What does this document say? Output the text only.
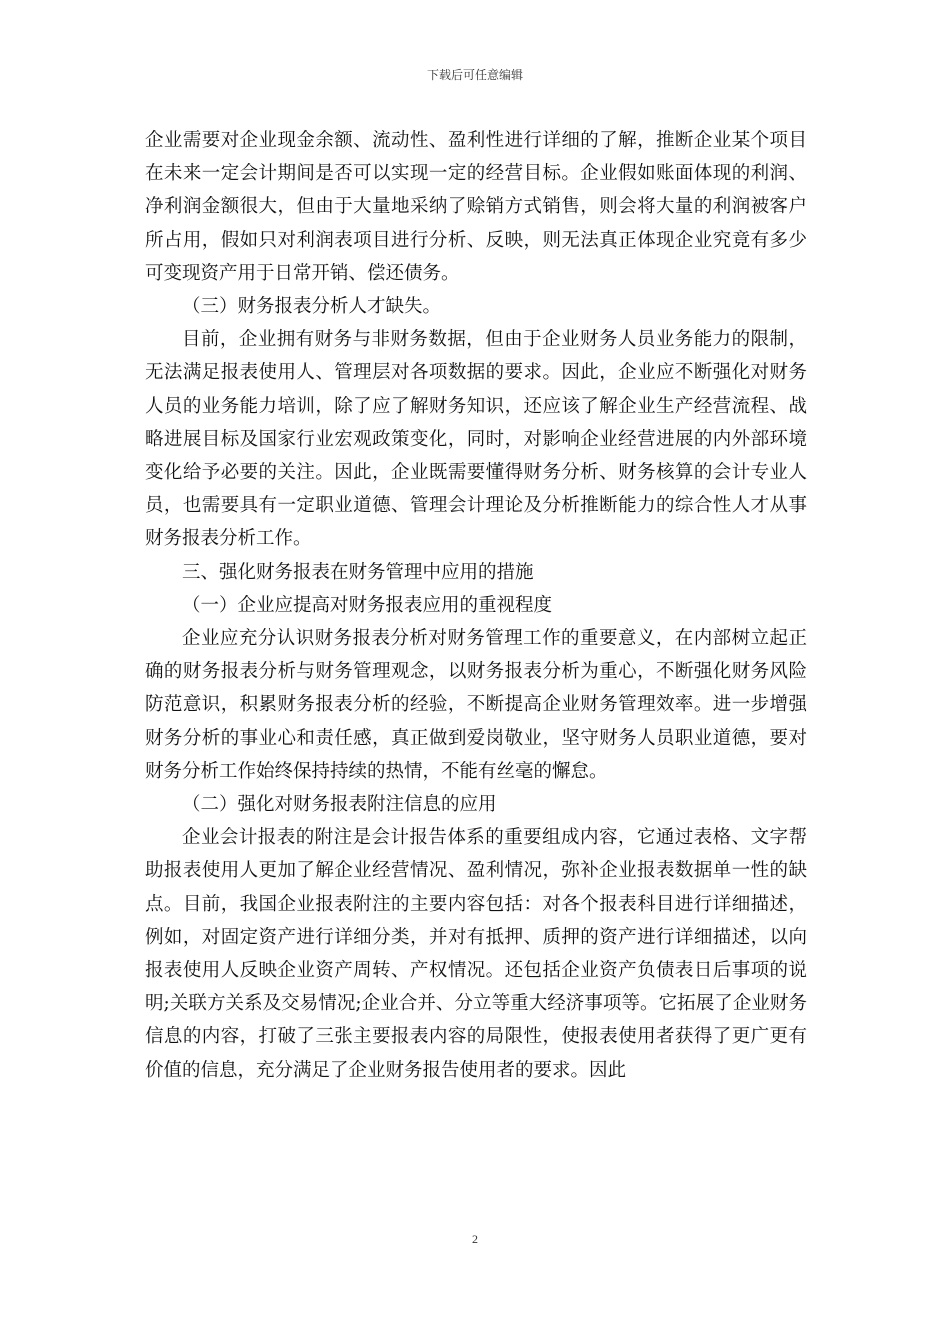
下载后可任意编辑

企业需要对企业现金余额、流动性、盈利性进行详细的了解，推断企业某个项目在未来一定会计期间是否可以实现一定的经营目标。企业假如账面体现的利润、净利润金额很大，但由于大量地采纳了赊销方式销售，则会将大量的利润被客户所占用，假如只对利润表项目进行分析、反映，则无法真正体现企业究竟有多少可变现资产用于日常开销、偿还债务。

（三）财务报表分析人才缺失。

目前，企业拥有财务与非财务数据，但由于企业财务人员业务能力的限制，无法满足报表使用人、管理层对各项数据的要求。因此，企业应不断强化对财务人员的业务能力培训，除了应了解财务知识，还应该了解企业生产经营流程、战略进展目标及国家行业宏观政策变化，同时，对影响企业经营进展的内外部环境变化给予必要的关注。因此，企业既需要懂得财务分析、财务核算的会计专业人员，也需要具有一定职业道德、管理会计理论及分析推断能力的综合性人才从事财务报表分析工作。

三、强化财务报表在财务管理中应用的措施

（一）企业应提高对财务报表应用的重视程度

企业应充分认识财务报表分析对财务管理工作的重要意义，在内部树立起正确的财务报表分析与财务管理观念，以财务报表分析为重心，不断强化财务风险防范意识，积累财务报表分析的经验，不断提高企业财务管理效率。进一步增强财务分析的事业心和责任感，真正做到爱岗敬业，坚守财务人员职业道德，要对财务分析工作始终保持持续的热情，不能有丝毫的懈怠。

（二）强化对财务报表附注信息的应用

企业会计报表的附注是会计报告体系的重要组成内容，它通过表格、文字帮助报表使用人更加了解企业经营情况、盈利情况，弥补企业报表数据单一性的缺点。目前，我国企业报表附注的主要内容包括：对各个报表科目进行详细描述，例如，对固定资产进行详细分类，并对有抵押、质押的资产进行详细描述，以向报表使用人反映企业资产周转、产权情况。还包括企业资产负债表日后事项的说明;关联方关系及交易情况;企业合并、分立等重大经济事项等。它拓展了企业财务信息的内容，打破了三张主要报表内容的局限性，使报表使用者获得了更广更有价值的信息，充分满足了企业财务报告使用者的要求。因此

2
